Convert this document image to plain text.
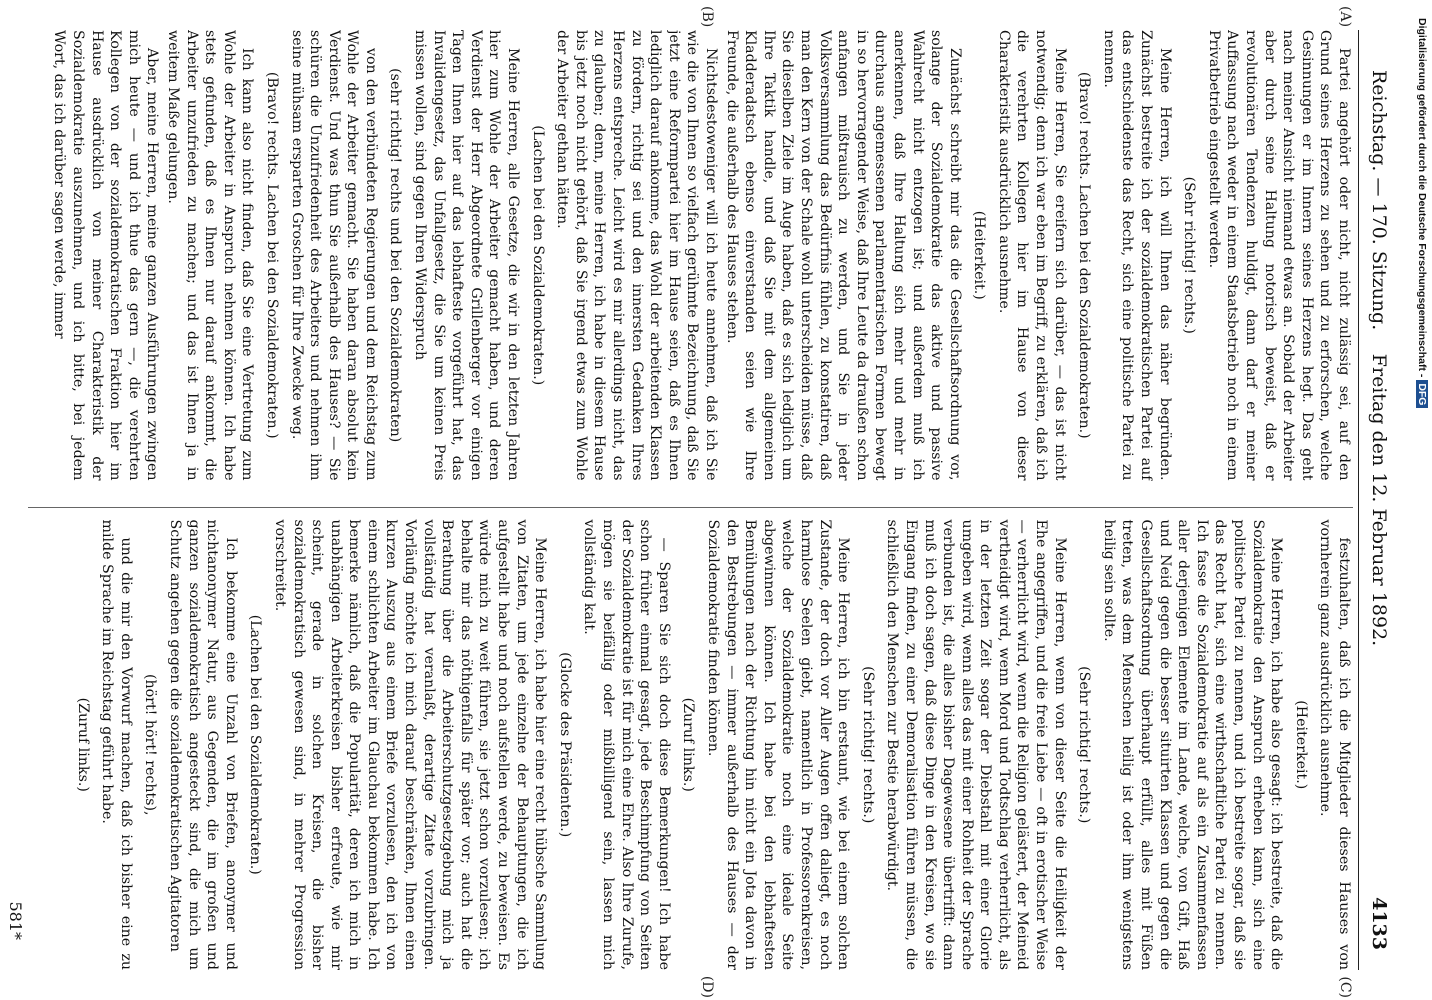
Reichstag. — 170. Sitzung.
Freitag den 12. Februar 1892.
4133
(A)
(B)
(C)
(D)

Partei angehört oder nicht, nicht zulässig sei, auf den Grund seines Herzens zu sehen und zu erforschen, welche Gesinnungen er im Innern seines Herzens hegt. Das geht nach meiner Ansicht niemand etwas an. Sobald der Arbeiter aber durch seine Haltung notorisch beweist, daß er revolutionären Tendenzen huldigt, dann darf er meiner Auffassung nach weder in einem Staatsbetrieb noch in einem Privatbetrieb eingestellt werden.

(Sehr richtig! rechts.)

Meine Herren, ich will Ihnen das näher begründen. Zunächst bestreite ich der sozialdemokratischen Partei auf das entschiedenste das Recht, sich eine politische Partei zu nennen.

(Bravo! rechts. Lachen bei den Sozialdemokraten.)

Meine Herren, Sie ereifern sich darüber, — das ist nicht notwendig; denn ich war eben im Begriff, zu erklären, daß ich die verehrten Kollegen hier im Hause von dieser Charakteristik ausdrücklich ausnehme.

(Heiterkeit.)

Zunächst schreibt mir das die Gesellschaftsordnung vor, solange der Sozialdemokratie das aktive und passive Wahlrecht nicht entzogen ist; und außerdem muß ich anerkennen, daß Ihre Haltung sich mehr und mehr in durchaus angemessenen parlamentarischen Formen bewegt in so hervorragender Weise, daß Ihre Leute da draußen schon anfangen mißtrauisch zu werden, und Sie in jeder Volksversammlung das Bedürfnis fühlen, zu konstatiren, daß man den Kern von der Schale wohl unterscheiden müsse, daß Sie dieselben Ziele im Auge haben, daß es sich lediglich um Ihre Taktik handle, und daß Sie mit dem allgemeinen Kladderadatsch ebenso einverstanden seien wie Ihre Freunde, die außerhalb des Hauses stehen.

Nichtsdestoweniger will ich heute annehmen, daß ich Sie wie die von Ihnen so vielfach gerühmte Bezeichnung, daß Sie jetzt eine Reformpartei hier im Hause seien, daß es Ihnen lediglich darauf ankomme, das Wohl der arbeitenden Klassen zu fördern, richtig sei und den innersten Gedanken Ihres Herzens entspreche. Leicht wird es mir allerdings nicht, das zu glauben; denn, meine Herren, ich habe in diesem Hause bis jetzt noch nicht gehört, daß Sie irgend etwas zum Wohle der Arbeiter gethan hätten.

(Lachen bei den Sozialdemokraten.)

Meine Herren, alle Gesetze, die wir in den letzten Jahren hier zum Wohle der Arbeiter gemacht haben, und deren Verdienst der Herr Abgeordnete Grillenberger vor einigen Tagen Ihnen hier auf das lebhafteste vorgeführt hat, das Invalidengesetz, das Unfallgesetz, die Sie um keinen Preis missen wollen, sind gegen Ihren Widerspruch

(sehr richtig! rechts und bei den Sozialdemokraten)

von den verbündeten Regierungen und dem Reichstag zum Wohle der Arbeiter gemacht. Sie haben daran absolut kein Verdienst. Und was thun Sie außerhalb des Hauses? — Sie schüren die Unzufriedenheit des Arbeiters und nehmen ihm seine mühsam ersparten Groschen für Ihre Zwecke weg.

(Bravo! rechts. Lachen bei den Sozialdemokraten.)

Ich kann also nicht finden, daß Sie eine Vertretung zum Wohle der Arbeiter in Anspruch nehmen können. Ich habe stets gefunden, daß es Ihnen nur darauf ankommt, die Arbeiter unzufrieden zu machen; und das ist Ihnen ja in weitem Maße gelungen.

Aber, meine Herren, meine ganzen Ausführungen zwingen mich heute — und ich thue das gern —, die verehrten Kollegen von der sozialdemokratischen Fraktion hier im Hause ausdrücklich von meiner Charakteristik der Sozialdemokratie auszunehmen, und ich bitte, bei jedem Wort, das ich darüber sagen werde, immer

festzuhalten, daß ich die Mitglieder dieses Hauses von vornherein ganz ausdrücklich ausnehme.

(Heiterkeit.)

Meine Herren, ich habe also gesagt: ich bestreite, daß die Sozialdemokratie den Anspruch erheben kann, sich eine politische Partei zu nennen, und ich bestreite sogar, daß sie das Recht hat, sich eine wirthschaftliche Partei zu nennen. Ich fasse die Sozialdemokratie auf als ein Zusammenfassen aller derjenigen Elemente im Lande, welche, von Gift, Haß und Neid gegen die besser situirten Klassen und gegen die Gesellschaftsordnung überhaupt erfüllt, alles mit Füßen treten, was dem Menschen heilig ist oder ihm wenigstens heilig sein sollte.

(Sehr richtig! rechts.)

Meine Herren, wenn von dieser Seite die Heiligkeit der Ehe angegriffen, und die freie Liebe — oft in erotischer Weise — verherrlicht wird, wenn die Religion gelästert, der Meineid vertheidigt wird, wenn Mord und Todtschlag verherrlicht, als in der letzten Zeit sogar der Diebstahl mit einer Glorie umgeben wird, wenn alles das mit einer Rohheit der Sprache verbunden ist, die alles bisher Dagewesene übertrifft: dann muß ich doch sagen, daß diese Dinge in den Kreisen, wo sie Eingang finden, zu einer Demoralisation führen müssen, die schließlich den Menschen zur Bestie herabwürdigt.

(Sehr richtig! rechts.)

Meine Herren, ich bin erstaunt, wie bei einem solchen Zustande, der doch vor Aller Augen offen daliegt, es noch harmlose Seelen giebt, namentlich in Professorenkreisen, welche der Sozialdemokratie noch eine ideale Seite abgewinnen können. Ich habe bei den lebhaftesten Bemühungen nach der Richtung hin nicht ein Jota davon in den Bestrebungen — immer außerhalb des Hauses — der Sozialdemokratie finden können.

(Zuruf links.)

— Sparen Sie sich doch diese Bemerkungen! Ich habe schon früher einmal gesagt, jede Beschimpfung von Seiten der Sozialdemokratie ist für mich eine Ehre. Also Ihre Zurufe, mögen sie beifällig oder mißbilligend sein, lassen mich vollständig kalt.

(Glocke des Präsidenten.)

Meine Herren, ich habe hier eine recht hübsche Sammlung von Zitaten, um jede einzelne der Behauptungen, die ich aufgestellt habe und noch aufstellen werde, zu beweisen. Es würde mich zu weit führen, sie jetzt schon vorzulesen; ich behalte mir das nöthigenfalls für später vor; auch hat die Berathung über die Arbeiterschutzgesetzgebung mich ja vollständig hat veranlaßt, derartige Zitate vorzubringen. Vorläufig möchte ich mich darauf beschränken, Ihnen einen kurzen Auszug aus einem Briefe vorzulesen, den ich von einem schlichten Arbeiter im Glauchau bekommen habe. Ich bemerke nämlich, daß die Popularität, deren ich mich in unabhängigen Arbeiterkreisen bisher erfreute, wie mir scheint, gerade in solchen Kreisen, die bisher sozialdemokratisch gewesen sind, in mehrer Progression vorschreitet.

(Lachen bei den Sozialdemokraten.)

Ich bekomme eine Unzahl von Briefen, anonymer und nichtanonymer Natur, aus Gegenden, die im großen und ganzen sozialdemokratisch angesteckt sind, die mich um Schutz angehen gegen die sozialdemokratischen Agitatoren

(hört! hört! rechts),

und die mir den Vorwurf machen, daß ich bisher eine zu milde Sprache im Reichstag geführt habe.

(Zuruf links.)

581*
Digitalisierung gefördert durch die Deutsche Forschungsgemeinschaft - DFG
